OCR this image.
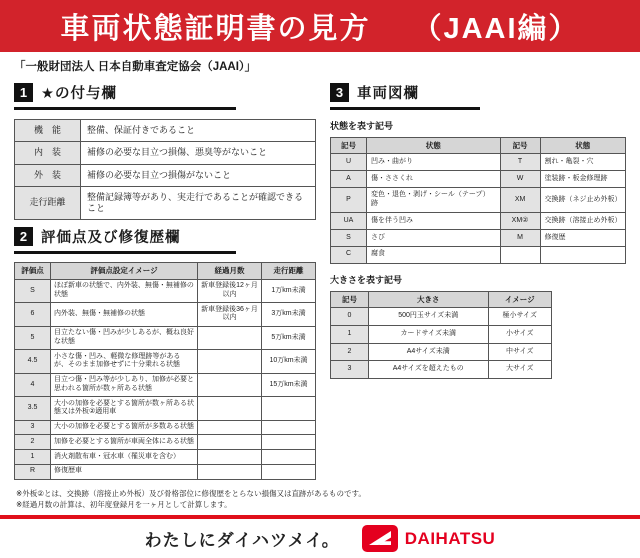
車両状態証明書の見方 （JAAI編）
「一般財団法人 日本自動車査定協会（JAAI）」
1 ★の付与欄
機　能	整備、保証付きであること
内　装	補修の必要な目立つ損傷、悪臭等がないこと
外　装	補修の必要な目立つ損傷がないこと
走行距離	整備記録簿等があり、実走行であることが確認できること
2 評価点及び修復歴欄
評価点	評価点設定イメージ	経過月数	走行距離
S	ほぼ新車の状態で、内外装、無傷・無補修の状態	新車登録後12ヶ月以内	1万km未満
6	内外装、無傷・無補修の状態	新車登録後36ヶ月以内	3万km未満
5	目立たない傷・凹みが少しあるが、概ね良好な状態		5万km未満
4.5	小さな傷・凹み、軽微な修理跡等があるが、そのまま加修せずに十分乗れる状態		10万km未満
4	目立つ傷・凹み等が少しあり、加修が必要と思われる箇所が数ヶ所ある状態		15万km未満
3.5	大小の加修を必要とする箇所が数ヶ所ある状態又は外板②適用車		
3	大小の加修を必要とする箇所が多数ある状態		
2	加修を必要とする箇所が車両全体にある状態		
1	消火剤散布車・冠水車（罹災車を含む）		
R	修復歴車		
3 車両図欄
状態を表す記号
記号	状態	記号	状態
U	凹み・曲がり	T	割れ・亀裂・穴
A	傷・ささくれ	W	塗装跡・板金修理跡
P	変色・退色・剥げ・シール（テープ）跡	XM	交換跡（ネジ止め外板）
UA	傷を伴う凹み	XM②	交換跡（溶接止め外板）
S	さび	M	修復歴
C	腐食		
大きさを表す記号
記号	大きさ	イメージ
0	500円玉サイズ未満	極小サイズ
1	カードサイズ未満	小サイズ
2	A4サイズ未満	中サイズ
3	A4サイズを超えたもの	大サイズ
※外板②とは、交換跡（溶接止め外板）及び骨格部位に修復歴をとらない損傷又は直跡があるものです。
※経過月数の計算は、初年度登録月を一ヶ月として計算します。
わたしにダイハツメイ。	DAIHATSU
